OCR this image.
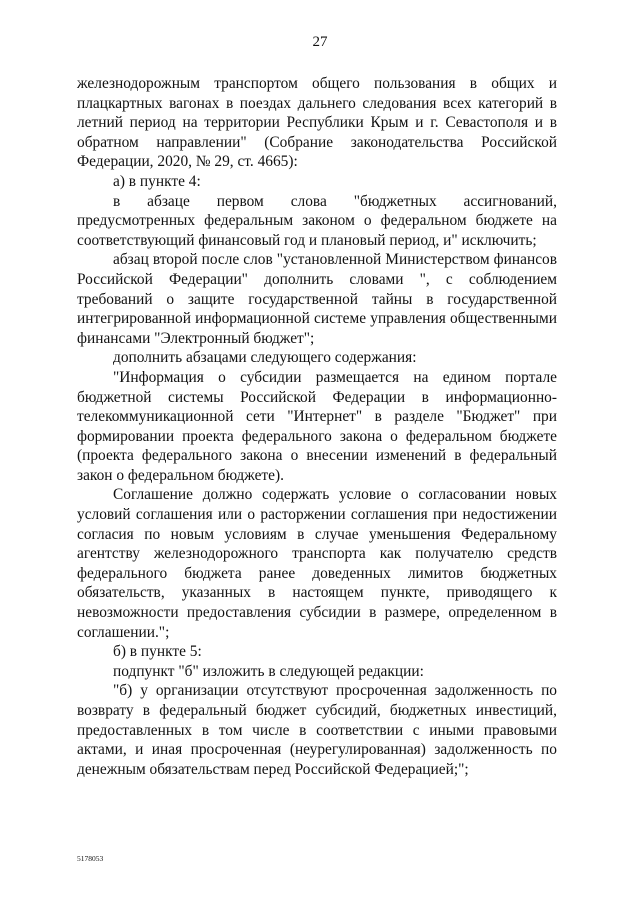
27

железнодорожным транспортом общего пользования в общих и плацкартных вагонах в поездах дальнего следования всех категорий в летний период на территории Республики Крым и г. Севастополя и в обратном направлении" (Собрание законодательства Российской Федерации, 2020, № 29, ст. 4665):

а) в пункте 4:

в абзаце первом слова "бюджетных ассигнований, предусмотренных федеральным законом о федеральном бюджете на соответствующий финансовый год и плановый период, и" исключить;

абзац второй после слов "установленной Министерством финансов Российской Федерации" дополнить словами ", с соблюдением требований о защите государственной тайны в государственной интегрированной информационной системе управления общественными финансами "Электронный бюджет";

дополнить абзацами следующего содержания:

"Информация о субсидии размещается на едином портале бюджетной системы Российской Федерации в информационно-телекоммуникационной сети "Интернет" в разделе "Бюджет" при формировании проекта федерального закона о федеральном бюджете (проекта федерального закона о внесении изменений в федеральный закон о федеральном бюджете).

Соглашение должно содержать условие о согласовании новых условий соглашения или о расторжении соглашения при недостижении согласия по новым условиям в случае уменьшения Федеральному агентству железнодорожного транспорта как получателю средств федерального бюджета ранее доведенных лимитов бюджетных обязательств, указанных в настоящем пункте, приводящего к невозможности предоставления субсидии в размере, определенном в соглашении.";

б) в пункте 5:

подпункт "б" изложить в следующей редакции:

"б) у организации отсутствуют просроченная задолженность по возврату в федеральный бюджет субсидий, бюджетных инвестиций, предоставленных в том числе в соответствии с иными правовыми актами, и иная просроченная (неурегулированная) задолженность по денежным обязательствам перед Российской Федерацией;";

5178053
